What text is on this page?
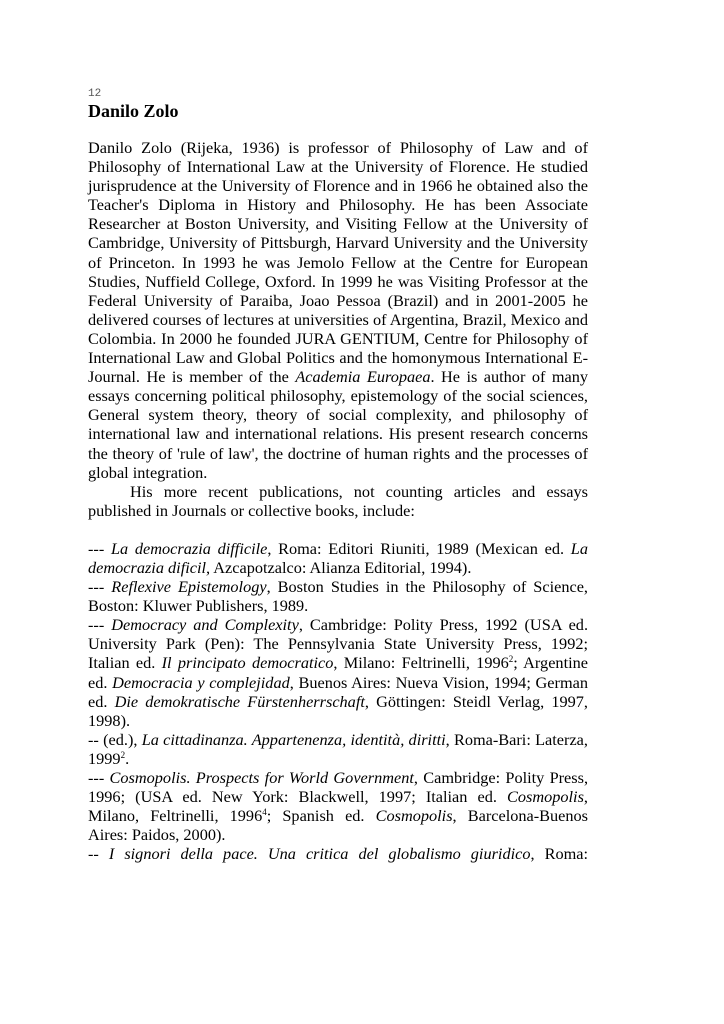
12
Danilo Zolo

Danilo Zolo (Rijeka, 1936) is professor of Philosophy of Law and of Philosophy of International Law at the University of Florence. He studied jurisprudence at the University of Florence and in 1966 he obtained also the Teacher's Diploma in History and Philosophy. He has been Associate Researcher at Boston University, and Visiting Fellow at the University of Cambridge, University of Pittsburgh, Harvard University and the University of Princeton. In 1993 he was Jemolo Fellow at the Centre for European Studies, Nuffield College, Oxford. In 1999 he was Visiting Professor at the Federal University of Paraiba, Joao Pessoa (Brazil) and in 2001-2005 he delivered courses of lectures at universities of Argentina, Brazil, Mexico and Colombia. In 2000 he founded JURA GENTIUM, Centre for Philosophy of International Law and Global Politics and the homonymous International E-Journal. He is member of the Academia Europaea. He is author of many essays concerning political philosophy, epistemology of the social sciences, General system theory, theory of social complexity, and philosophy of international law and international relations. His present research concerns the theory of 'rule of law', the doctrine of human rights and the processes of global integration.
His more recent publications, not counting articles and essays published in Journals or collective books, include:

--- La democrazia difficile, Roma: Editori Riuniti, 1989 (Mexican ed. La democrazia dificil, Azcapotzalco: Alianza Editorial, 1994).
--- Reflexive Epistemology, Boston Studies in the Philosophy of Science, Boston: Kluwer Publishers, 1989.
--- Democracy and Complexity, Cambridge: Polity Press, 1992 (USA ed. University Park (Pen): The Pennsylvania State University Press, 1992; Italian ed. Il principato democratico, Milano: Feltrinelli, 1996$^2$; Argentine ed. Democracia y complejidad, Buenos Aires: Nueva Vision, 1994; German ed. Die demokratische Fürstenherrschaft, Göttingen: Steidl Verlag, 1997, 1998).
-- (ed.), La cittadinanza. Appartenenza, identità, diritti, Roma-Bari: Laterza, 1999$^2$.
--- Cosmopolis. Prospects for World Government, Cambridge: Polity Press, 1996; (USA ed. New York: Blackwell, 1997; Italian ed. Cosmopolis, Milano, Feltrinelli, 1996$^4$; Spanish ed. Cosmopolis, Barcelona-Buenos Aires: Paidos, 2000).
-- I signori della pace. Una critica del globalismo giuridico, Roma:
